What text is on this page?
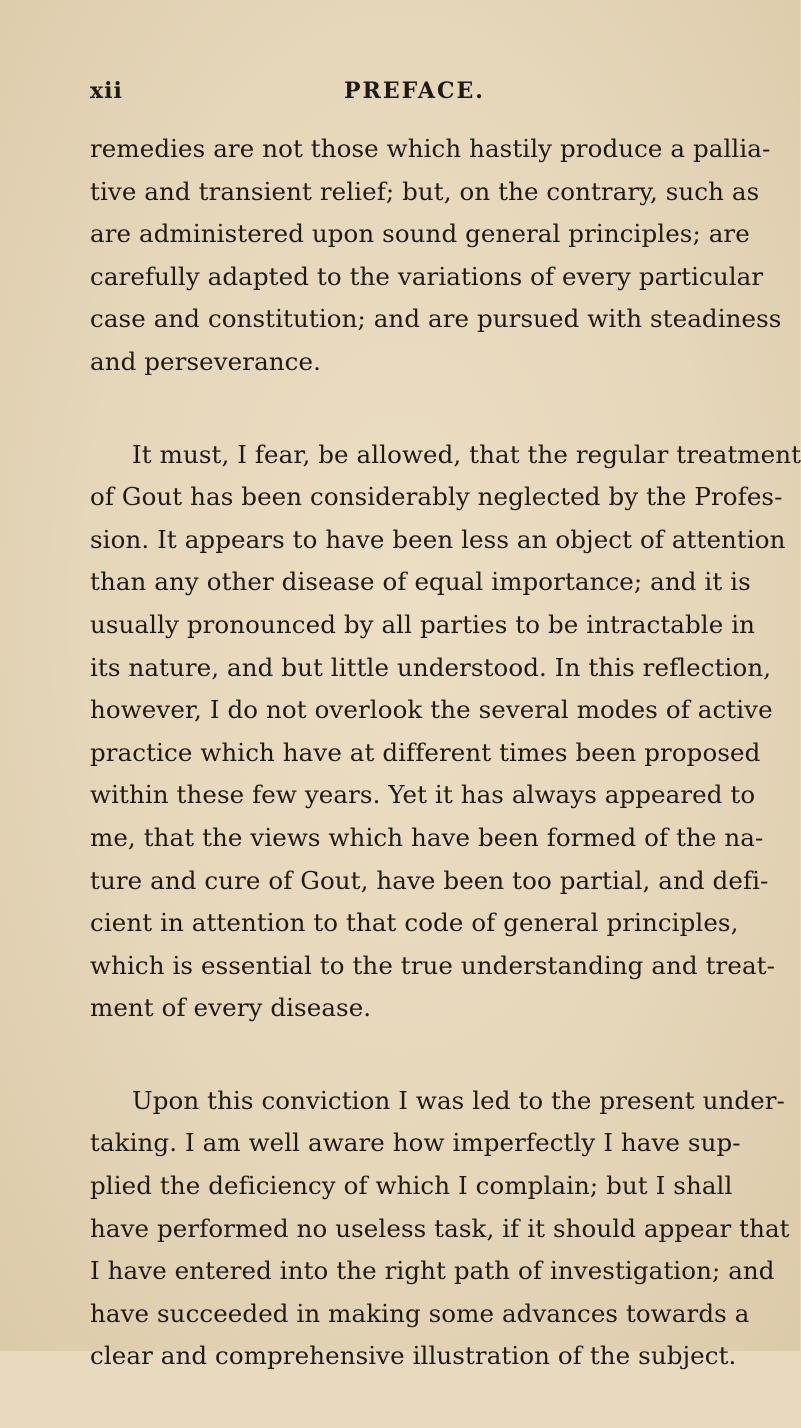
xii	PREFACE.
remedies are not those which hastily produce a pallia-
tive and transient relief; but, on the contrary, such as
are administered upon sound general principles; are
carefully adapted to the variations of every particular
case and constitution; and are pursued with steadiness
and perseverance.
It must, I fear, be allowed, that the regular treatment
of Gout has been considerably neglected by the Profes-
sion. It appears to have been less an object of attention
than any other disease of equal importance; and it is
usually pronounced by all parties to be intractable in
its nature, and but little understood. In this reflection,
however, I do not overlook the several modes of active
practice which have at different times been proposed
within these few years. Yet it has always appeared to
me, that the views which have been formed of the na-
ture and cure of Gout, have been too partial, and defi-
cient in attention to that code of general principles,
which is essential to the true understanding and treat-
ment of every disease.
Upon this conviction I was led to the present under-
taking. I am well aware how imperfectly I have sup-
plied the deficiency of which I complain; but I shall
have performed no useless task, if it should appear that
I have entered into the right path of investigation; and
have succeeded in making some advances towards a
clear and comprehensive illustration of the subject.
